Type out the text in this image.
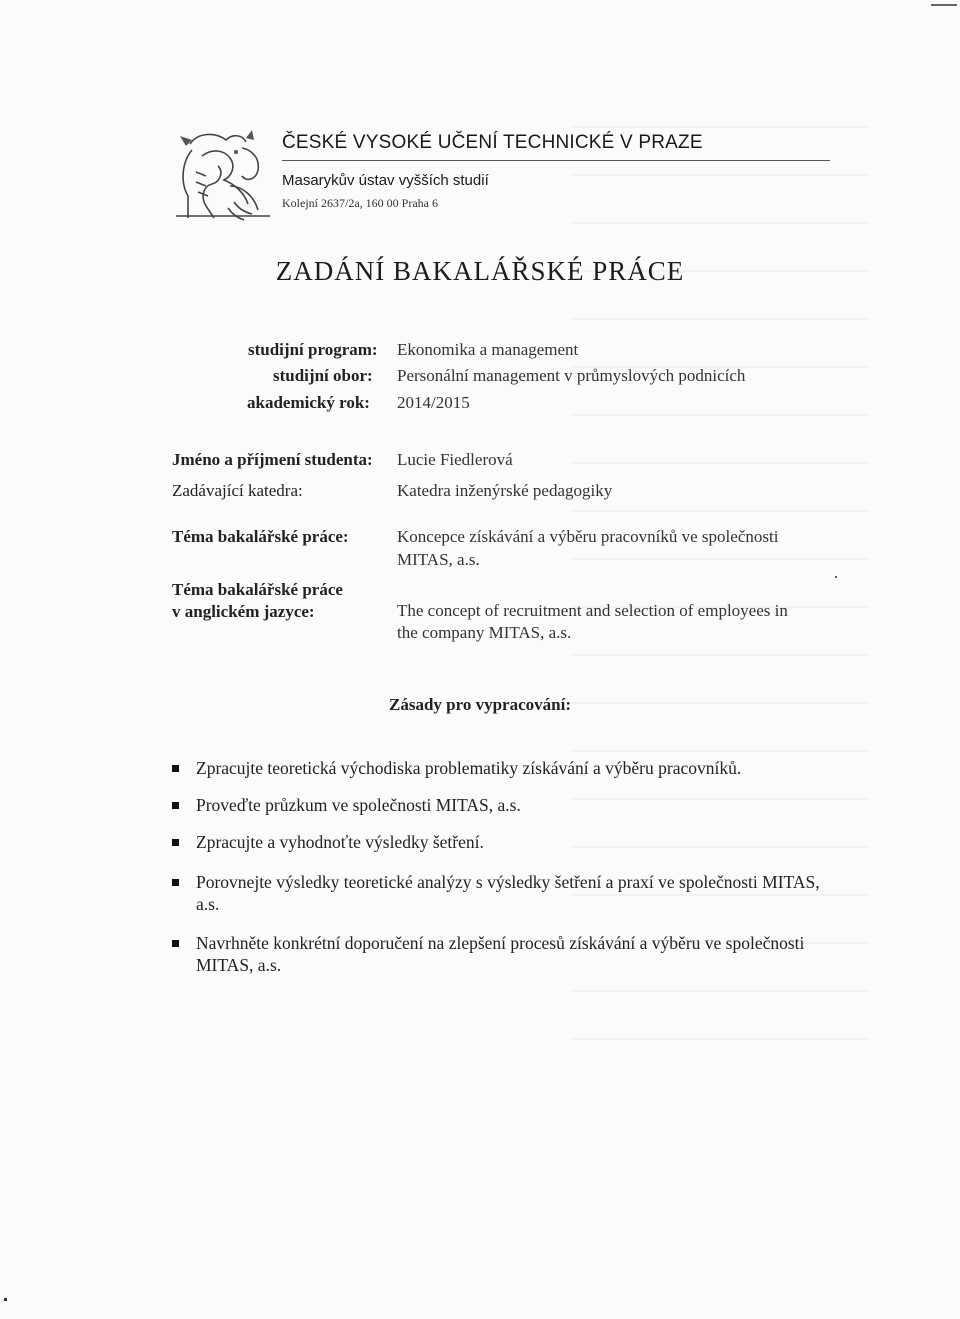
ČESKÉ VYSOKÉ UČENÍ TECHNICKÉ V PRAZE
Masarykův ústav vyšších studií
Kolejní 2637/2a, 160 00 Praha 6
ZADÁNÍ BAKALÁŘSKÉ PRÁCE
studijní program: Ekonomika a management
studijní obor: Personální management v průmyslových podnicích
akademický rok: 2014/2015
Jméno a příjmení studenta: Lucie Fiedlerová
Zadávající katedra:	Katedra inženýrské pedagogiky
Téma bakalářské práce:	Koncepce získávání a výběru pracovníků ve společnosti
MITAS, a.s.
Téma bakalářské práce
v anglickém jazyce:	The concept of recruitment and selection of employees in
the company MITAS, a.s.
Zásady pro vypracování:
Zpracujte teoretická východiska problematiky získávání a výběru pracovníků.
Proveďte průzkum ve společnosti MITAS, a.s.
Zpracujte a vyhodnoťte výsledky šetření.
Porovnejte výsledky teoretické analýzy s výsledky šetření a praxí ve společnosti MITAS, a.s.
Navrhněte konkrétní doporučení na zlepšení procesů získávání a výběru ve společnosti MITAS, a.s.
